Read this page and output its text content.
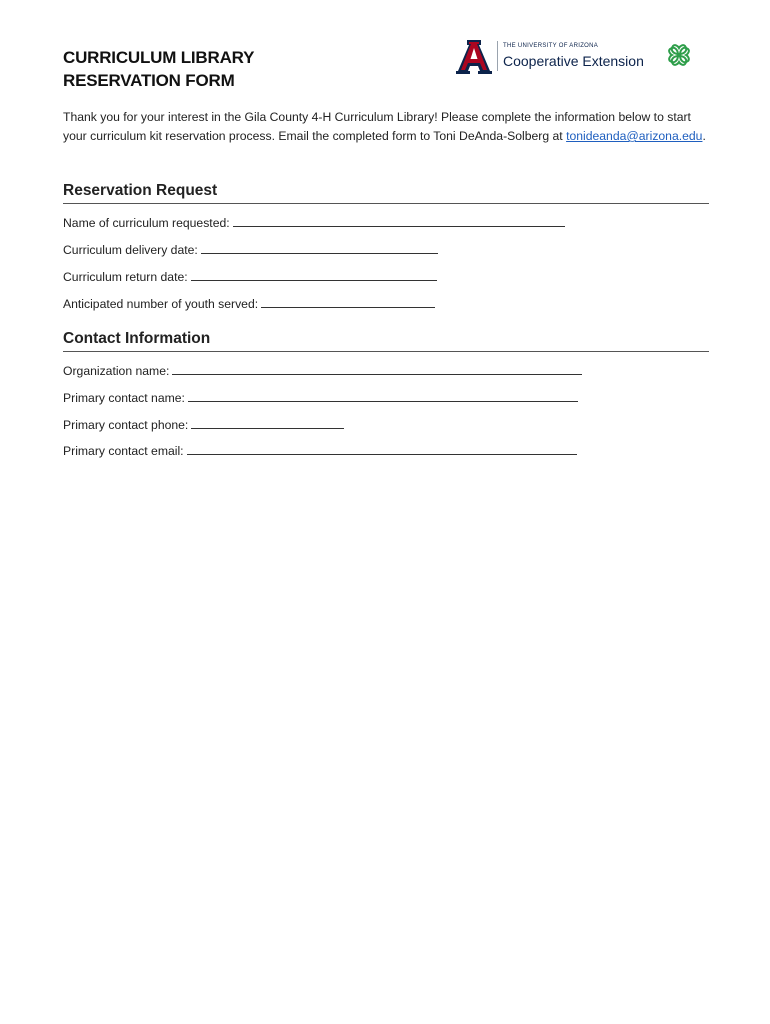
CURRICULUM LIBRARY
RESERVATION FORM
THE UNIVERSITY OF ARIZONA
Cooperative Extension
Thank you for your interest in the Gila County 4-H Curriculum Library! Please complete the information below to start your curriculum kit reservation process. Email the completed form to Toni DeAnda-Solberg at tonideanda@arizona.edu.
Reservation Request
Name of curriculum requested:
Curriculum delivery date:
Curriculum return date:
Anticipated number of youth served:
Contact Information
Organization name:
Primary contact name:
Primary contact phone:
Primary contact email:
